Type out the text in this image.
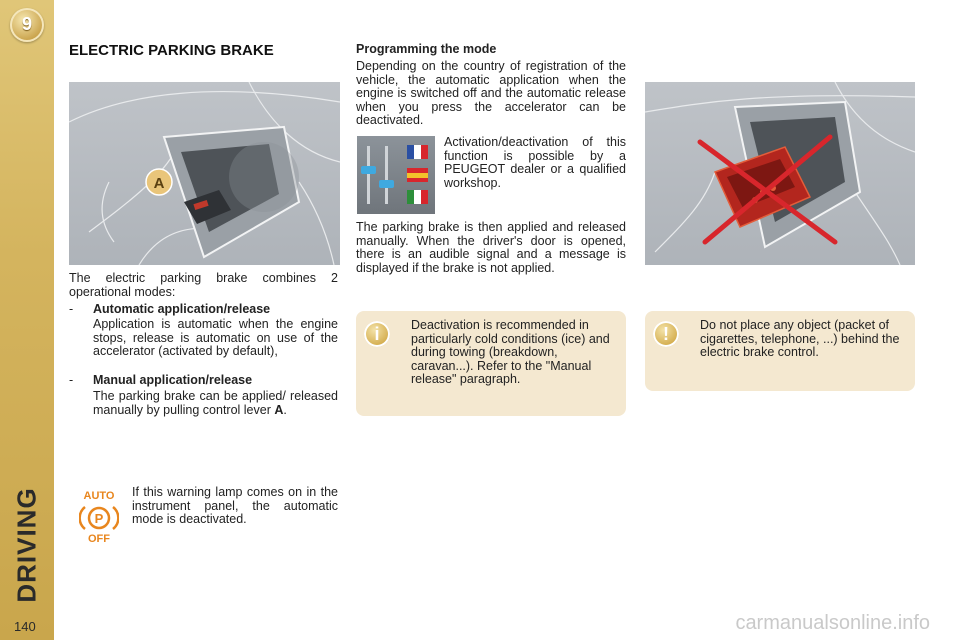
9
DRIVING
140
ELECTRIC PARKING BRAKE
A
The electric parking brake combines 2 operational modes:
- Automatic application/release
Application is automatic when the engine stops, release is automatic on use of the accelerator (activated by default),
- Manual application/release
The parking brake can be applied/ released manually by pulling control lever A.
AUTO
P
OFF
If this warning lamp comes on in the instrument panel, the automatic mode is deactivated.
Programming the mode
Depending on the country of registration of the vehicle, the automatic application when the engine is switched off and the automatic release when you press the accelerator can be deactivated.
Activation/deactivation of this function is possible by a PEUGEOT dealer or a qualified workshop.
The parking brake is then applied and released manually. When the driver's door is opened, there is an audible signal and a message is displayed if the brake is not applied.
i	Deactivation is recommended in particularly cold conditions (ice) and during towing (breakdown, caravan...). Refer to the "Manual release" paragraph.
!	Do not place any object (packet of cigarettes, telephone, ...) behind the electric brake control.
carmanualsonline.info
